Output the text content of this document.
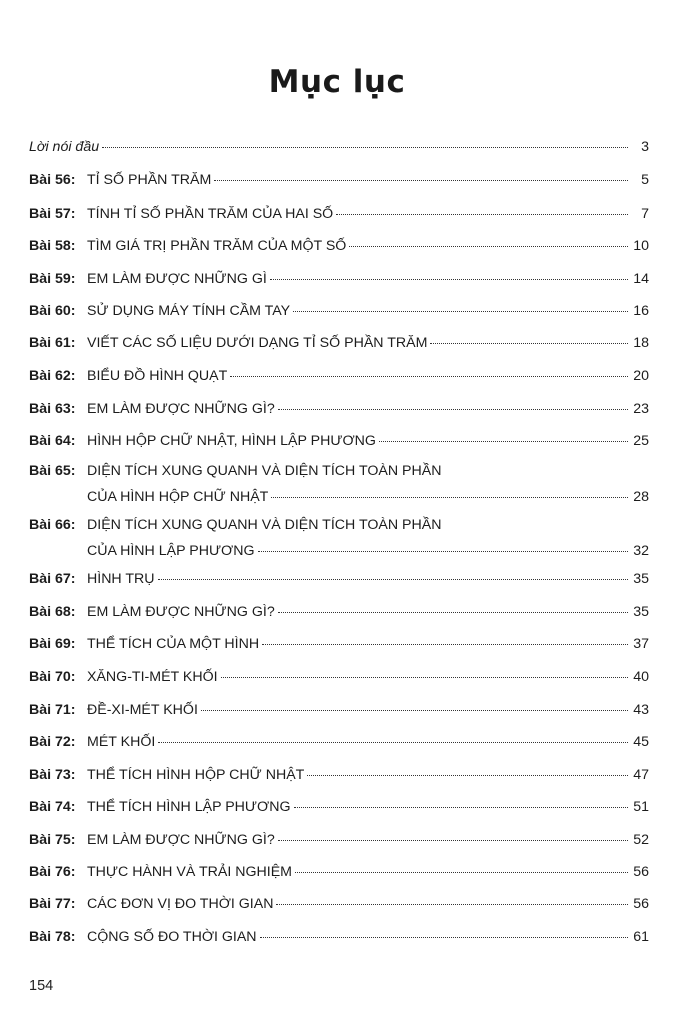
Mục lục
Lời nói đầu	3
Bài 56: TỈ SỐ PHẦN TRĂM	5
Bài 57: TÍNH TỈ SỐ PHẦN TRĂM CỦA HAI SỐ	7
Bài 58: TÌM GIÁ TRỊ PHẦN TRĂM CỦA MỘT SỐ	10
Bài 59: EM LÀM ĐƯỢC NHỮNG GÌ	14
Bài 60: SỬ DỤNG MÁY TÍNH CẦM TAY	16
Bài 61: VIẾT CÁC SỐ LIỆU DƯỚI DẠNG TỈ SỐ PHẦN TRĂM	18
Bài 62: BIỂU ĐỒ HÌNH QUẠT	20
Bài 63: EM LÀM ĐƯỢC NHỮNG GÌ?	23
Bài 64: HÌNH HỘP CHỮ NHẬT, HÌNH LẬP PHƯƠNG	25
Bài 65: DIỆN TÍCH XUNG QUANH VÀ DIỆN TÍCH TOÀN PHẦN
CỦA HÌNH HỘP CHỮ NHẬT	28
Bài 66: DIỆN TÍCH XUNG QUANH VÀ DIỆN TÍCH TOÀN PHẦN
CỦA HÌNH LẬP PHƯƠNG	32
Bài 67: HÌNH TRỤ	35
Bài 68: EM LÀM ĐƯỢC NHỮNG GÌ?	35
Bài 69: THỂ TÍCH CỦA MỘT HÌNH	37
Bài 70: XĂNG-TI-MÉT KHỐI	40
Bài 71: ĐỀ-XI-MÉT KHỐI	43
Bài 72: MÉT KHỐI	45
Bài 73: THỂ TÍCH HÌNH HỘP CHỮ NHẬT	47
Bài 74: THỂ TÍCH HÌNH LẬP PHƯƠNG	51
Bài 75: EM LÀM ĐƯỢC NHỮNG GÌ?	52
Bài 76: THỰC HÀNH VÀ TRẢI NGHIỆM	56
Bài 77: CÁC ĐƠN VỊ ĐO THỜI GIAN	56
Bài 78: CỘNG SỐ ĐO THỜI GIAN	61
154
